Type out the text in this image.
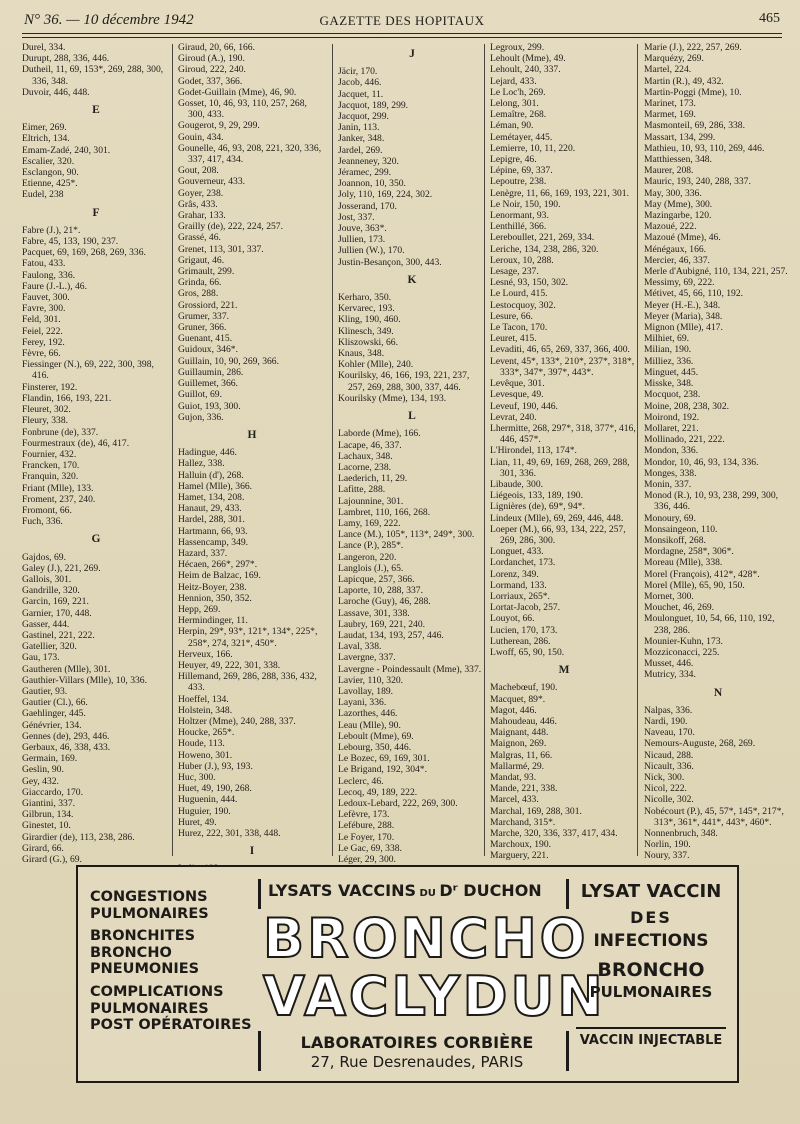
N° 36. — 10 décembre 1942	GAZETTE DES HOPITAUX	465
Durel, 334.
Durupt, 288, 336, 446.
Dutheil, 11, 69, 153*, 269, 288, 300, 336, 348.
Duvoir, 446, 448.
E
Eimer, 269.
Eltrich, 134.
Emam-Zadé, 240, 301.
Escalier, 320.
Esclangon, 90.
Etienne, 425*.
Eudel, 238
F
Fabre (J.), 21*.
Fabre, 45, 133, 190, 237.
Pacquet, 69, 169, 268, 269, 336.
Fatou, 433.
Faulong, 336.
Faure (J.-L.), 46.
Fauvet, 300.
Favre, 300.
Feld, 301.
Feiel, 222.
Ferey, 192.
Fèvre, 66.
Fiessinger (N.), 69, 222, 300, 398, 416.
Finsterer, 192.
Flandin, 166, 193, 221.
Fleuret, 302.
Fleury, 338.
Fonbrune (de), 337.
Fourmestraux (de), 46, 417.
Fournier, 432.
Francken, 170.
Franquin, 320.
Friant (Mlle), 133.
Froment, 237, 240.
Fromont, 66.
Fuch, 336.
G
Gajdos, 69.
Galey (J.), 221, 269.
Gallois, 301.
Gandrille, 320.
Garcin, 169, 221.
Garnier, 170, 448.
Gasser, 444.
Gastinel, 221, 222.
Gatellier, 320.
Gau, 173.
Gautheren (Mlle), 301.
Gauthier-Villars (Mlle), 10, 336.
Gautier, 93.
Gautier (Cl.), 66.
Gaehlinger, 445.
Génévrier, 134.
Gennes (de), 293, 446.
Gerbaux, 46, 338, 433.
Germain, 169.
Geslin, 90.
Gey, 432.
Giaccardo, 170.
Giantini, 337.
Gilbrun, 134.
Ginestet, 10.
Girardier (de), 113, 238, 286.
Girard, 66.
Girard (G.), 69.
Giraud, 20, 66, 166.
Giroud (A.), 190.
Giroud, 222, 240.
Godet, 337, 366.
Godet-Guillain (Mme), 46, 90.
Gosset, 10, 46, 93, 110, 257, 268, 300, 433.
Gougerot, 9, 29, 299.
Gouin, 434.
Gounelle, 46, 93, 208, 221, 320, 336, 337, 417, 434.
Gout, 208.
Gouverneur, 433.
Goyer, 238.
Grâs, 433.
Grahar, 133.
Grailly (de), 222, 224, 257.
Grassé, 46.
Grenet, 113, 301, 337.
Grigaut, 46.
Grimault, 299.
Grinda, 66.
Gros, 288.
Grossiord, 221.
Grumer, 337.
Gruner, 366.
Guenant, 415.
Guidoux, 346*.
Guillain, 10, 90, 269, 366.
Guillaumin, 286.
Guillemet, 366.
Guillot, 69.
Guiot, 193, 300.
Gujon, 336.
H
Hadingue, 446.
Hallez, 338.
Halluin (d'), 268.
Hamel (Mlle), 366.
Hamet, 134, 208.
Hanaut, 29, 433.
Hardel, 288, 301.
Hartmann, 66, 93.
Hassencamp, 349.
Hazard, 337.
Hécaen, 266*, 297*.
Heim de Balzac, 169.
Heitz-Boyer, 238.
Hennion, 350, 352.
Hepp, 269.
Hermindinger, 11.
Herpin, 29*, 93*, 121*, 134*, 225*, 258*, 274, 321*, 450*.
Herveux, 166.
Heuyer, 49, 222, 301, 338.
Hillemand, 269, 286, 288, 336, 432, 433.
Hoeffel, 134.
Holstein, 348.
Holtzer (Mme), 240, 288, 337.
Houcke, 265*.
Houde, 113.
Howeno, 301.
Huber (J.), 93, 193.
Huc, 300.
Huet, 49, 190, 268.
Huguenin, 444.
Huguier, 190.
Huret, 49.
Hurez, 222, 301, 338, 448.
I
J
Jäcir, 170.
Jacob, 446.
Jacquet, 11.
Jacquot, 189, 299.
Jacquot, 299.
Janin, 113.
Janker, 348.
Jardel, 269.
Jeanneney, 320.
Jéramec, 299.
Joannon, 10, 350.
Joly, 110, 169, 224, 302.
Josserand, 170.
Jost, 337.
Jouve, 363*.
Jullien, 173.
Jullien (W.), 170.
Justin-Besançon, 300, 443.
K
Kerharo, 350.
Kervarec, 193.
Kling, 190, 460.
Klinesch, 349.
Kliszowski, 66.
Knaus, 348.
Kohler (Mlle), 240.
Kourilsky, 46, 166, 193, 221, 237, 257, 269, 288, 300, 337, 446.
Kourilsky (Mme), 134, 193.
L
Laborde (Mme), 166.
Lacape, 46, 337.
Lachaux, 348.
Lacorne, 238.
Laederich, 11, 29.
Lafitte, 288.
Lajounnine, 301.
Lambret, 110, 166, 268.
Lamy, 169, 222.
Lance (M.), 105*, 113*, 249*, 300.
Lance (P.), 285*.
Langeron, 220.
Langlois (J.), 65.
Lapicque, 257, 366.
Laporte, 10, 288, 337.
Laroche (Guy), 46, 288.
Lassave, 301, 338.
Laubry, 169, 221, 240.
Laudat, 134, 193, 257, 446.
Laval, 338.
Lavergne, 337.
Lavergne - Poindessault (Mme), 337.
Lavier, 110, 320.
Lavollay, 189.
Layani, 336.
Lazorthes, 446.
Leau (Mlle), 90.
Leboult (Mme), 69.
Lebourg, 350, 446.
Le Bozec, 69, 169, 301.
Le Brigand, 192, 304*.
Leclerc, 46.
Lecoq, 49, 189, 222.
Ledoux-Lebard, 222, 269, 300.
Lefèvre, 173.
Lefébure, 288.
Le Foyer, 170.
Le Gac, 69, 338.
Léger, 29, 300.
Legroux, 299.
Lehoult (Mme), 49.
Lehoult, 240, 337.
Lejard, 433.
Le Loc'h, 269.
Lelong, 301.
Lemaître, 268.
Léman, 90.
Lemétayer, 445.
Lemierre, 10, 11, 220.
Lepigre, 46.
Lépine, 69, 337.
Lepoutre, 238.
Lenègre, 11, 66, 169, 193, 221, 301.
Le Noir, 150, 190.
Lenormant, 93.
Lenthillé, 366.
Lereboullet, 221, 269, 334.
Leriche, 134, 238, 286, 320.
Leroux, 10, 288.
Lesage, 237.
Lesné, 93, 150, 302.
Le Lourd, 415.
Lestocquoy, 302.
Lesure, 66.
Le Tacon, 170.
Leuret, 415.
Levaditi, 46, 65, 269, 337, 366, 400.
Levent, 45*, 133*, 210*, 237*, 318*, 333*, 347*, 397*, 443*.
Levêque, 301.
Levesque, 49.
Leveuf, 190, 446.
Levrat, 240.
Lhermitte, 268, 297*, 318, 377*, 416, 446, 457*.
L'Hirondel, 113, 174*.
Lian, 11, 49, 69, 169, 268, 269, 288, 301, 336.
Libaude, 300.
Liégeois, 133, 189, 190.
Lignières (de), 69*, 94*.
Lindeux (Mlle), 69, 269, 446, 448.
Loeper (M.), 66, 93, 134, 222, 257, 269, 286, 300.
Longuet, 433.
Lordanchet, 173.
Lorenz, 349.
Lormand, 133.
Lorriaux, 265*.
Lortat-Jacob, 257.
Louyot, 66.
Lucien, 170, 173.
Lutherean, 286.
Lwoff, 65, 90, 150.
M
Machebœuf, 190.
Macquet, 89*.
Magot, 446.
Mahoudeau, 446.
Maignant, 448.
Maignon, 269.
Malgras, 11, 66.
Mallarmé, 29.
Mandat, 93.
Mande, 221, 338.
Marcel, 433.
Marchal, 169, 288, 301.
Marchand, 315*.
Marche, 320, 336, 337, 417, 434.
Marchoux, 190.
Marguery, 221.
Marie (J.), 222, 257, 269.
Marquézy, 269.
Martel, 224.
Martin (R.), 49, 432.
Martin-Poggi (Mme), 10.
Marinet, 173.
Marmet, 169.
Masmonteil, 69, 286, 338.
Massart, 134, 299.
Mathieu, 10, 93, 110, 269, 446.
Matthiessen, 348.
Maurer, 208.
Mauric, 193, 240, 288, 337.
May, 300, 336.
May (Mme), 300.
Mazingarbe, 120.
Mazoué, 222.
Mazoué (Mme), 46.
Ménégaux, 166.
Mercier, 46, 337.
Merle d'Aubigné, 110, 134, 221, 257.
Messimy, 69, 222.
Métivet, 45, 66, 110, 192.
Meyer (H.-E.), 348.
Meyer (Maria), 348.
Mignon (Mlle), 417.
Milhiet, 69.
Milian, 190.
Milliez, 336.
Minguet, 445.
Misske, 348.
Mocquot, 238.
Moine, 208, 238, 302.
Moirond, 192.
Mollaret, 221.
Mollinado, 221, 222.
Mondon, 336.
Mondor, 10, 46, 93, 134, 336.
Monges, 338.
Monin, 337.
Monod (R.), 10, 93, 238, 299, 300, 336, 446.
Monoury, 69.
Monsaingeon, 110.
Monsikoff, 268.
Mordagne, 258*, 306*.
Moreau (Mlle), 338.
Morel (François), 412*, 428*.
Morel (Mlle), 65, 90, 150.
Mornet, 300.
Mouchet, 46, 269.
Moulonguet, 10, 54, 66, 110, 192, 238, 286.
Mounier-Kuhn, 173.
Mozziconacci, 225.
Musset, 446.
Mutricy, 334.
N
Nalpas, 336.
Nardi, 190.
Naveau, 170.
Nemours-Auguste, 268, 269.
Nicaud, 288.
Nicault, 336.
Nick, 300.
Nicol, 222.
Nicolle, 302.
Nobécourt (P.), 45, 57*, 145*, 217*, 313*, 361*, 441*, 443*, 460*.
Nonnenbruch, 348.
Norlin, 190.
Noury, 337.
CONGESTIONS
PULMONAIRES
BRONCHITES
BRONCHO
PNEUMONIES
COMPLICATIONS
PULMONAIRES
POST OPÉRATOIRES
LYSATS VACCINS DU Dʳ DUCHON
BRONCHO
VACLYDUN
LABORATOIRES CORBIÈRE
27, Rue Desrenaudes, PARIS
LYSAT VACCIN
DES
INFECTIONS
BRONCHO
PULMONAIRES
VACCIN INJECTABLE
